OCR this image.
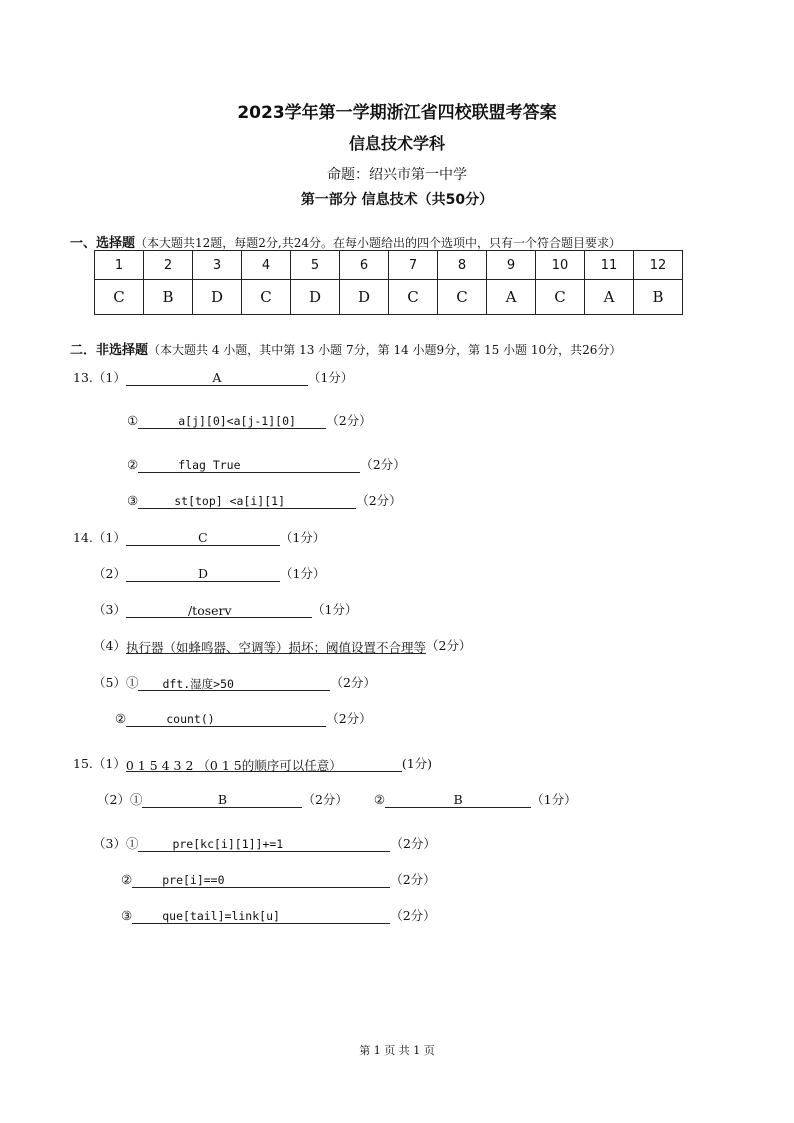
2023学年第一学期浙江省四校联盟考答案
信息技术学科
命题：绍兴市第一中学
第一部分 信息技术（共50分）
一、选择题（本大题共12题，每题2分,共24分。在每小题给出的四个选项中，只有一个符合题目要求）
1	2	3	4	5	6	7	8	9	10	11	12
C	B	D	C	D	D	C	C	A	C	A	B
二．非选择题（本大题共 4 小题，其中第 13 小题 7分，第 14 小题9分，第 15 小题 10分，共26分）
13.（1）	A	（1分）
①	a[j][0]<a[j-1][0] （2分）
②	flag True	（2分）
③	st[top] <a[i][1]	（2分）
14.（1）	C	（1分）
（2）	D	（1分）
（3）	/toserv	（1分）
（4）执行器（如蜂鸣器、空调等）损坏；阈值设置不合理等（2分）
（5）① dft.湿度>50	（2分）
②	count()	（2分）
15.（1）0 1 5 4 3 2 （0 1 5的顺序可以任意）	(1分)
（2）①	B	（2分） ②	B	（1分）
（3）①	pre[kc[i][1]]+=1	（2分）
②	pre[i]==0	（2分）
③	que[tail]=link[u]	（2分）
第 1 页 共 1 页
